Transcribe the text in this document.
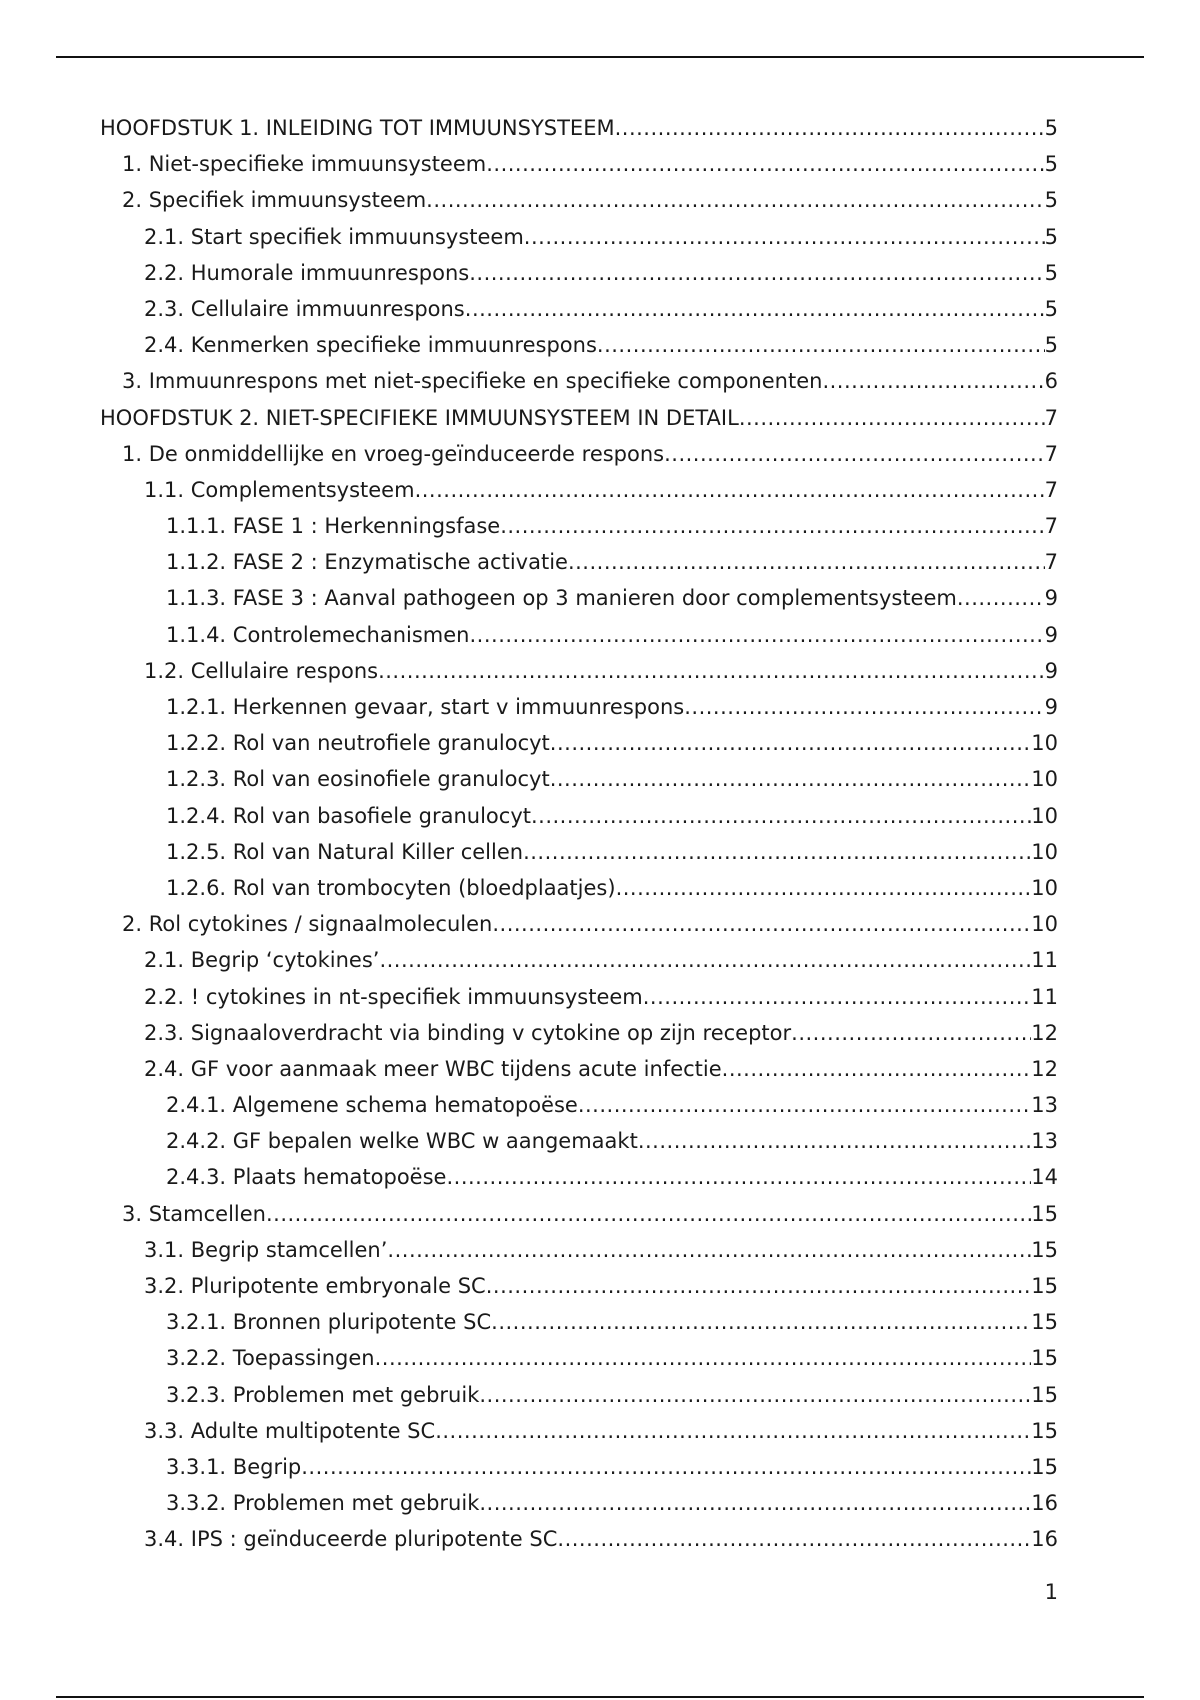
HOOFDSTUK 1. INLEIDING TOT IMMUUNSYSTEEM .....	5
1. Niet-specifieke immuunsysteem .....	5
2. Specifiek immuunsysteem .....	5
2.1. Start specifiek immuunsysteem .....	5
2.2. Humorale immuunrespons .....	5
2.3. Cellulaire immuunrespons .....	5
2.4. Kenmerken specifieke immuunrespons .....	5
3. Immuunrespons met niet-specifieke en specifieke componenten .....	6
HOOFDSTUK 2. NIET-SPECIFIEKE IMMUUNSYSTEEM IN DETAIL .....	7
1. De onmiddellijke en vroeg-geïnduceerde respons .....	7
1.1. Complementsysteem .....	7
1.1.1. FASE 1 : Herkenningsfase .....	7
1.1.2. FASE 2 : Enzymatische activatie .....	7
1.1.3. FASE 3 : Aanval pathogeen op 3 manieren door complementsysteem .....	9
1.1.4. Controlemechanismen .....	9
1.2. Cellulaire respons .....	9
1.2.1. Herkennen gevaar, start v immuunrespons .....	9
1.2.2. Rol van neutrofiele granulocyt .....	10
1.2.3. Rol van eosinofiele granulocyt .....	10
1.2.4. Rol van basofiele granulocyt .....	10
1.2.5. Rol van Natural Killer cellen .....	10
1.2.6. Rol van trombocyten (bloedplaatjes) .....	10
2. Rol cytokines / signaalmoleculen .....	10
2.1. Begrip ‘cytokines’ .....	11
2.2. ! cytokines in nt-specifiek immuunsysteem .....	11
2.3. Signaaloverdracht via binding v cytokine op zijn receptor .....	12
2.4. GF voor aanmaak meer WBC tijdens acute infectie .....	12
2.4.1. Algemene schema hematopoëse .....	13
2.4.2. GF bepalen welke WBC w aangemaakt .....	13
2.4.3. Plaats hematopoëse .....	14
3. Stamcellen .....	15
3.1. Begrip stamcellen’ .....	15
3.2. Pluripotente embryonale SC .....	15
3.2.1. Bronnen pluripotente SC .....	15
3.2.2. Toepassingen .....	15
3.2.3. Problemen met gebruik .....	15
3.3. Adulte multipotente SC .....	15
3.3.1. Begrip .....	15
3.3.2. Problemen met gebruik .....	16
3.4. IPS : geïnduceerde pluripotente SC .....	16
1
